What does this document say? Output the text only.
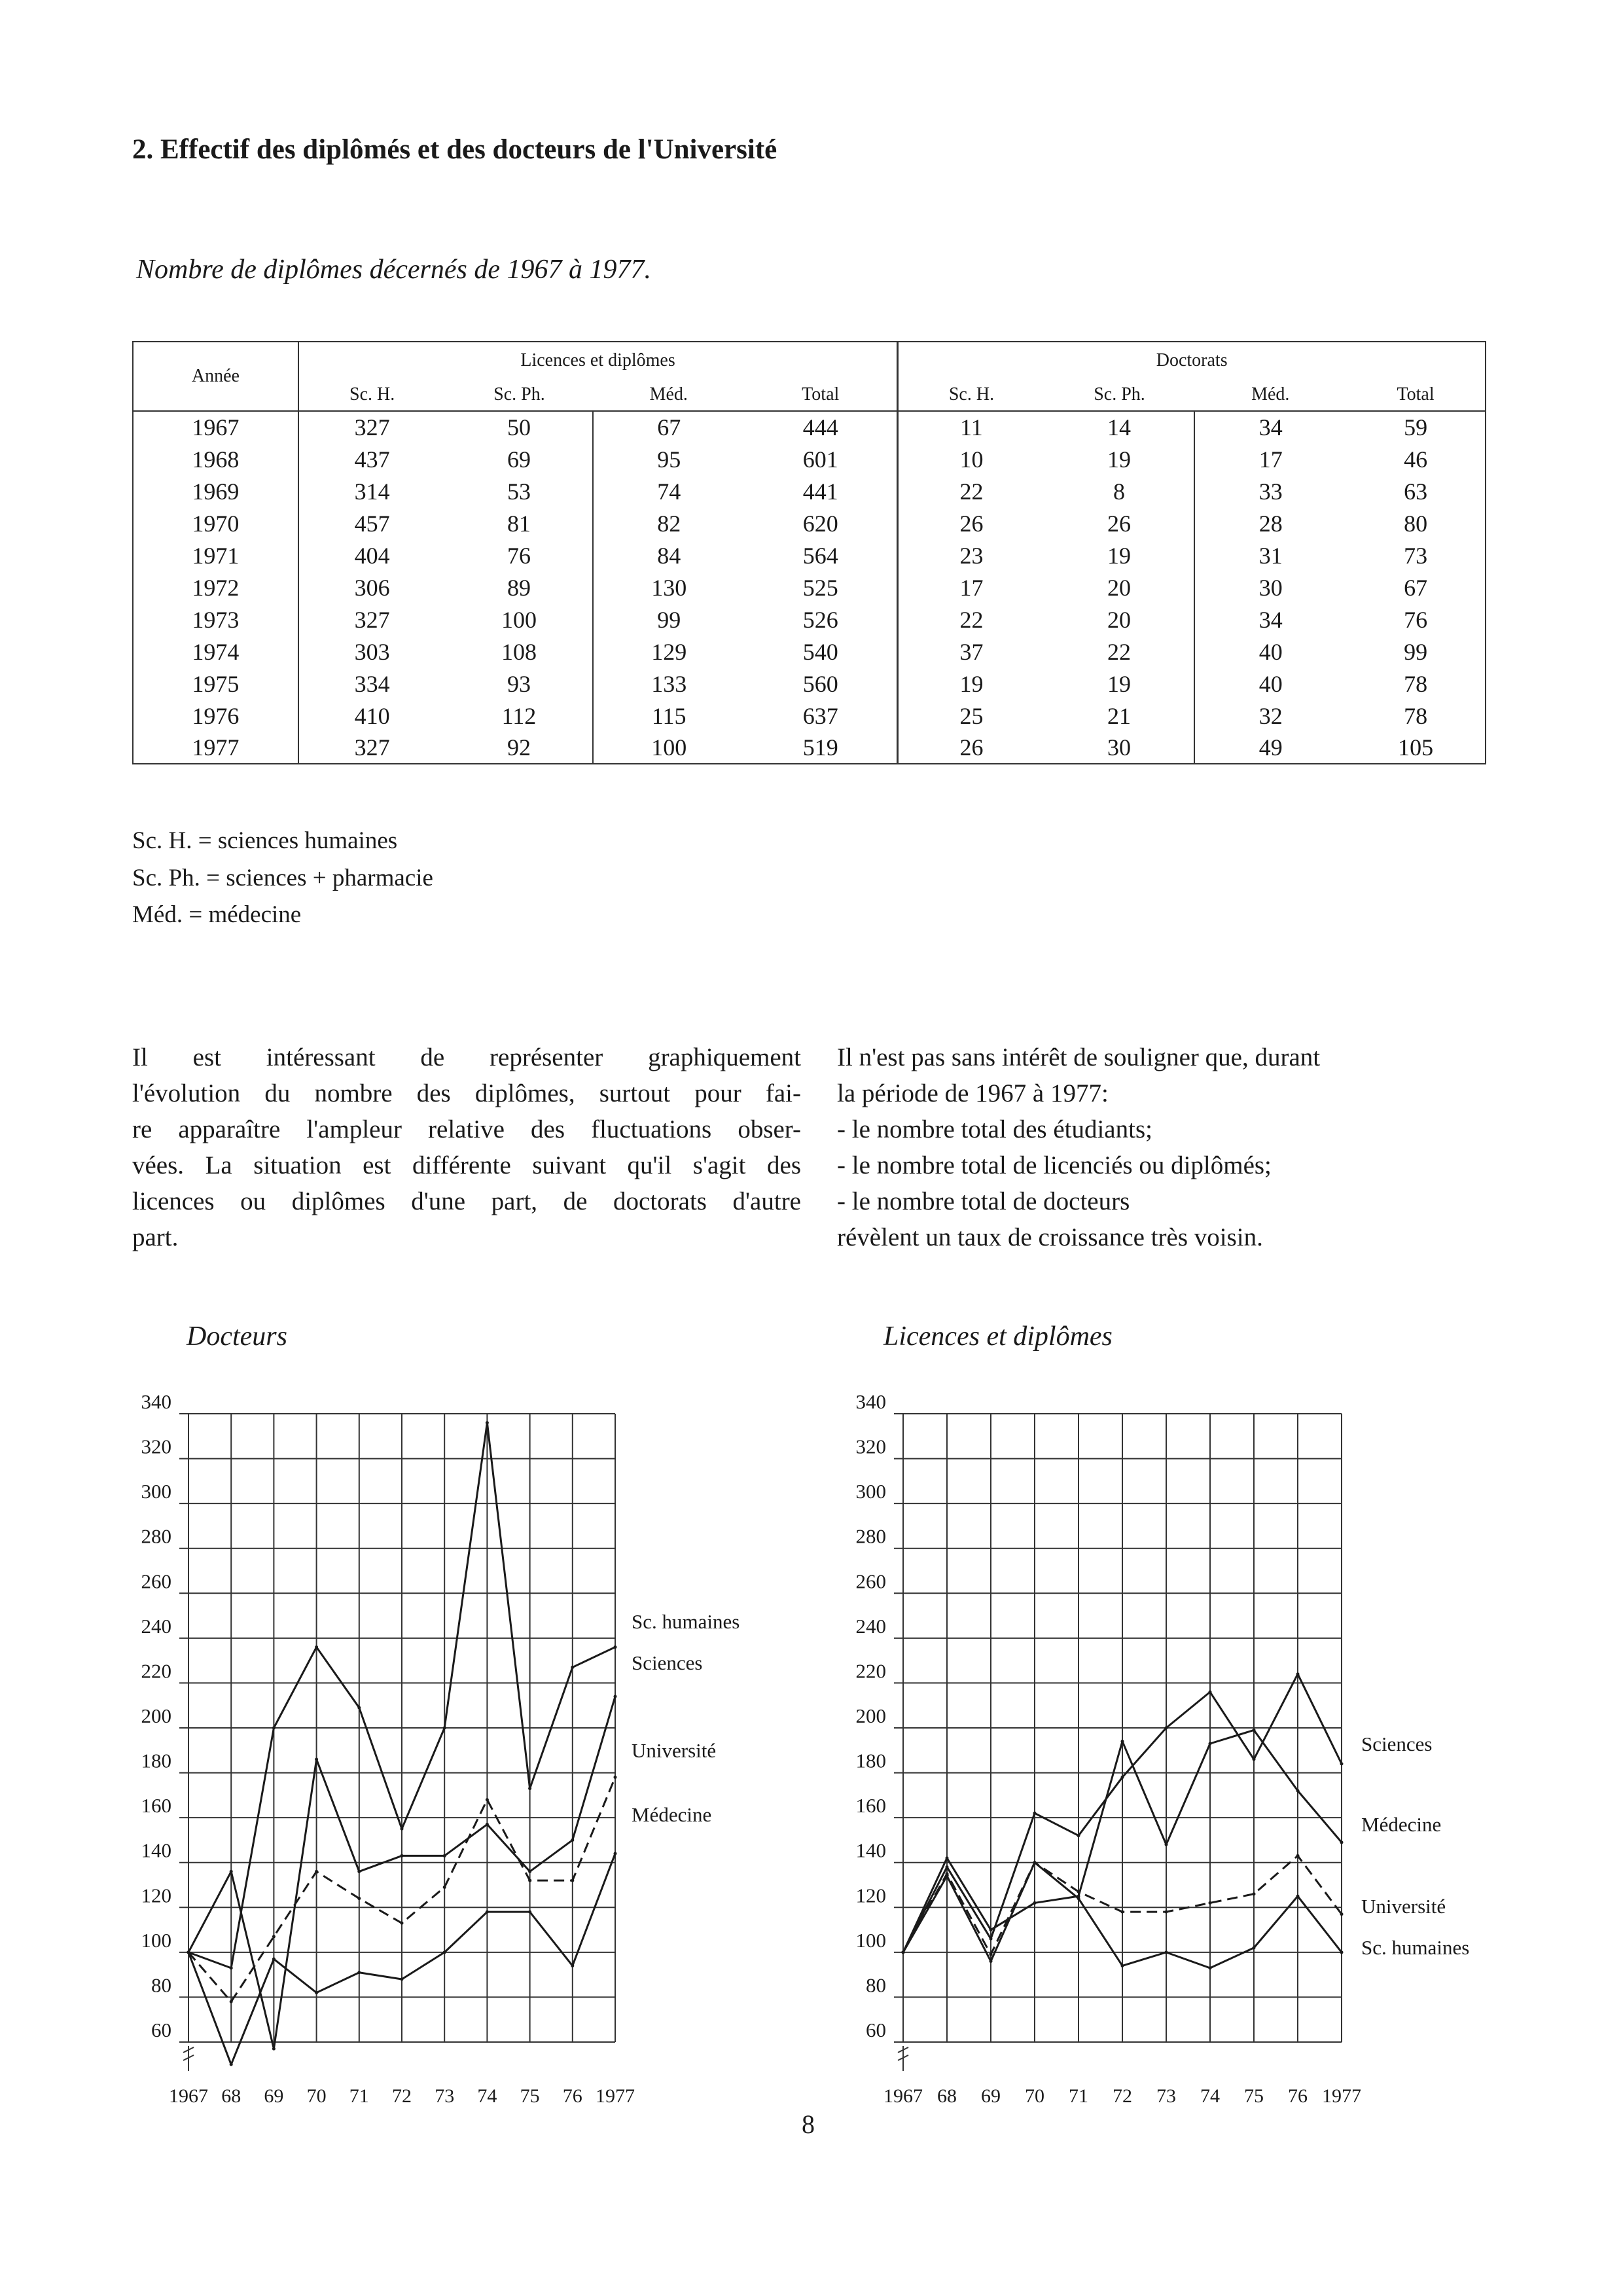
2. Effectif des diplômés et des docteurs de l'Université
Nombre de diplômes décernés de 1967 à 1977.
Année	Licences et diplômes				Doctorats			
	Sc. H.	Sc. Ph.	Méd.	Total	Sc. H.	Sc. Ph.	Méd.	Total
1967	327	50	67	444	11	14	34	59
1968	437	69	95	601	10	19	17	46
1969	314	53	74	441	22	8	33	63
1970	457	81	82	620	26	26	28	80
1971	404	76	84	564	23	19	31	73
1972	306	89	130	525	17	20	30	67
1973	327	100	99	526	22	20	34	76
1974	303	108	129	540	37	22	40	99
1975	334	93	133	560	19	19	40	78
1976	410	112	115	637	25	21	32	78
1977	327	92	100	519	26	30	49	105
Sc. H. = sciences humaines
Sc. Ph. = sciences + pharmacie
Méd. = médecine

Il est intéressant de représenter graphiquement

l'évolution du nombre des diplômes, surtout pour fai-

re apparaître l'ampleur relative des fluctuations obser-

vées. La situation est différente suivant qu'il s'agit des

licences ou diplômes d'une part, de doctorats d'autre

part.

Il n'est pas sans intérêt de souligner que, durant

la période de 1967 à 1977:

- le nombre total des étudiants;

- le nombre total de licenciés ou diplômés;

- le nombre total de docteurs

révèlent un taux de croissance très voisin.

Docteurs	Licences et diplômes
340
320
300
280
260
240
220
200
180
160
140
120
100
80
60
1967 68 69 70 71 72 73 74 75 76 1977
Sc. humaines
Sciences
Université
Médecine
340
320
300
280
260
240
220
200
180
160
140
120
100
80
60
1967 68 69 70 71 72 73 74 75 76 1977
Sciences
Médecine
Université
Sc. humaines
8
